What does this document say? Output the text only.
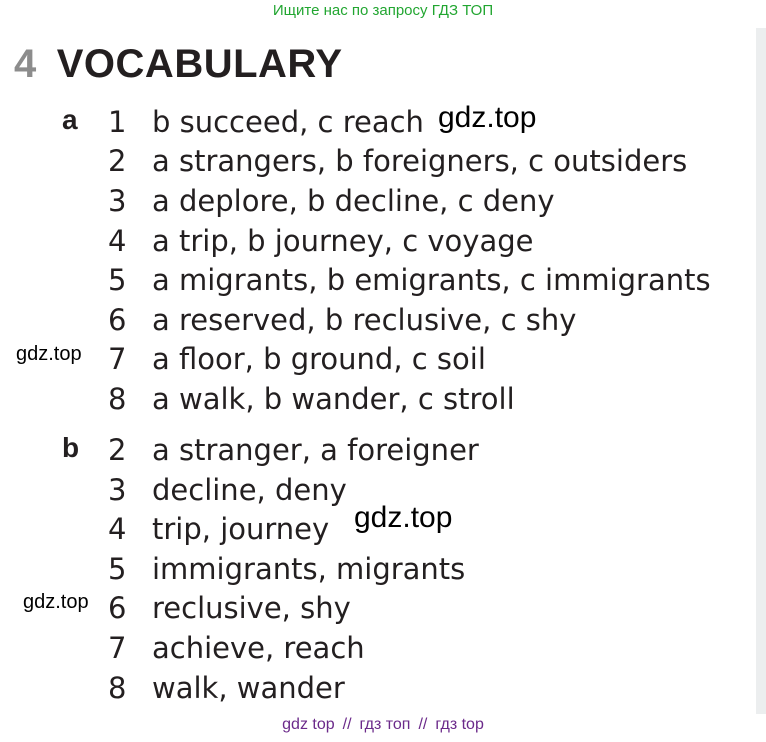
Ищите нас по запросу ГДЗ ТОП
4 VOCABULARY
a 1 b succeed, c reach
2 a strangers, b foreigners, c outsiders
3 a deplore, b decline, c deny
4 a trip, b journey, c voyage
5 a migrants, b emigrants, c immigrants
6 a reserved, b reclusive, c shy
7 a floor, b ground, c soil
8 a walk, b wander, c stroll
b 2 a stranger, a foreigner
3 decline, deny
4 trip, journey
5 immigrants, migrants
6 reclusive, shy
7 achieve, reach
8 walk, wander
gdz.top
gdz.top
gdz.top
gdz.top
gdz top // гдз топ // гдз top
